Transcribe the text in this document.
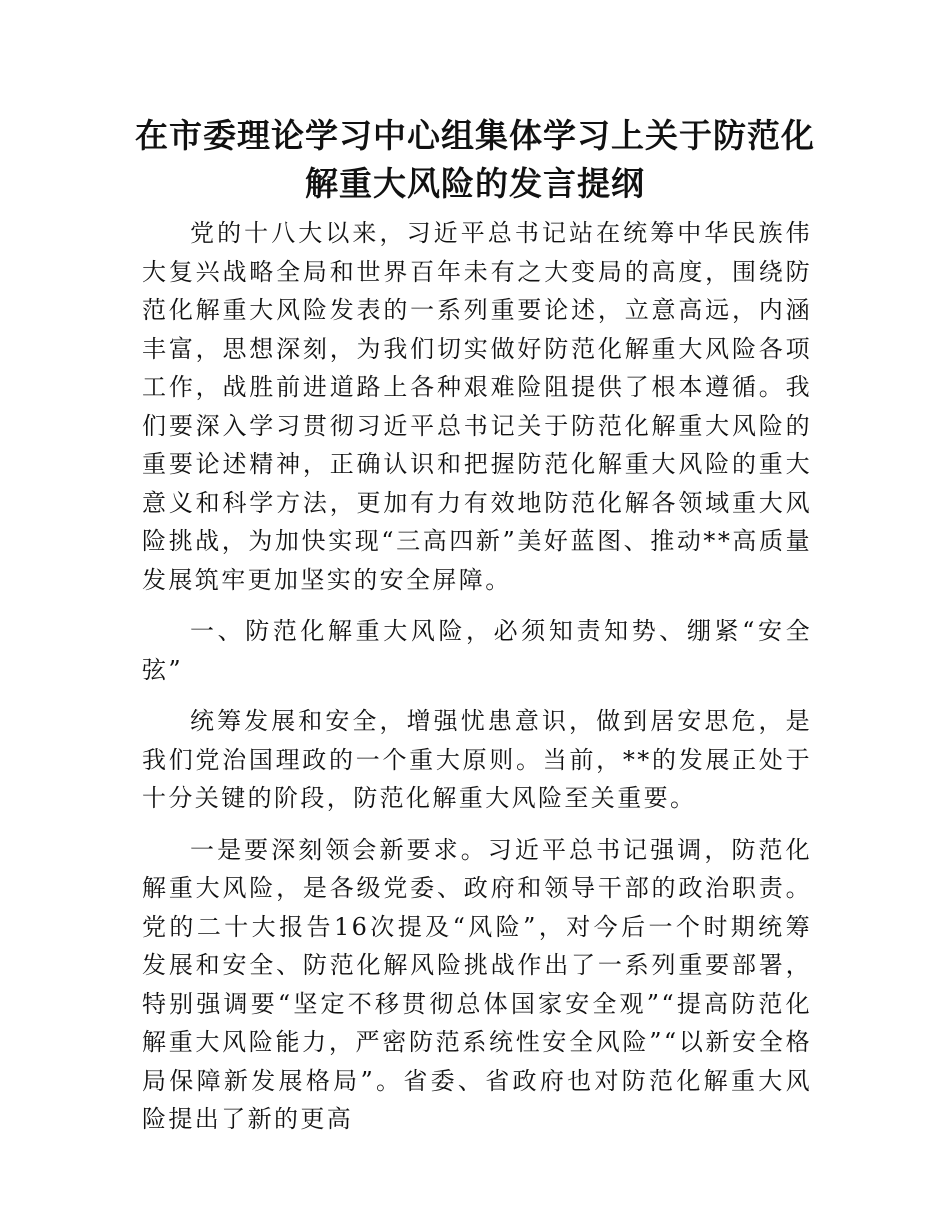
在市委理论学习中心组集体学习上关于防范化
解重大风险的发言提纲

党的十八大以来，习近平总书记站在统筹中华民族伟大复兴战略全局和世界百年未有之大变局的高度，围绕防范化解重大风险发表的一系列重要论述，立意高远，内涵丰富，思想深刻，为我们切实做好防范化解重大风险各项工作，战胜前进道路上各种艰难险阻提供了根本遵循。我们要深入学习贯彻习近平总书记关于防范化解重大风险的重要论述精神，正确认识和把握防范化解重大风险的重大意义和科学方法，更加有力有效地防范化解各领域重大风险挑战，为加快实现“三高四新”美好蓝图、推动**高质量发展筑牢更加坚实的安全屏障。

一、防范化解重大风险，必须知责知势、绷紧“安全弦”

统筹发展和安全，增强忧患意识，做到居安思危，是我们党治国理政的一个重大原则。当前，**的发展正处于十分关键的阶段，防范化解重大风险至关重要。

一是要深刻领会新要求。习近平总书记强调，防范化解重大风险，是各级党委、政府和领导干部的政治职责。党的二十大报告16次提及“风险”，对今后一个时期统筹发展和安全、防范化解风险挑战作出了一系列重要部署，特别强调要“坚定不移贯彻总体国家安全观”“提高防范化解重大风险能力，严密防范系统性安全风险”“以新安全格局保障新发展格局”。省委、省政府也对防范化解重大风险提出了新的更高
